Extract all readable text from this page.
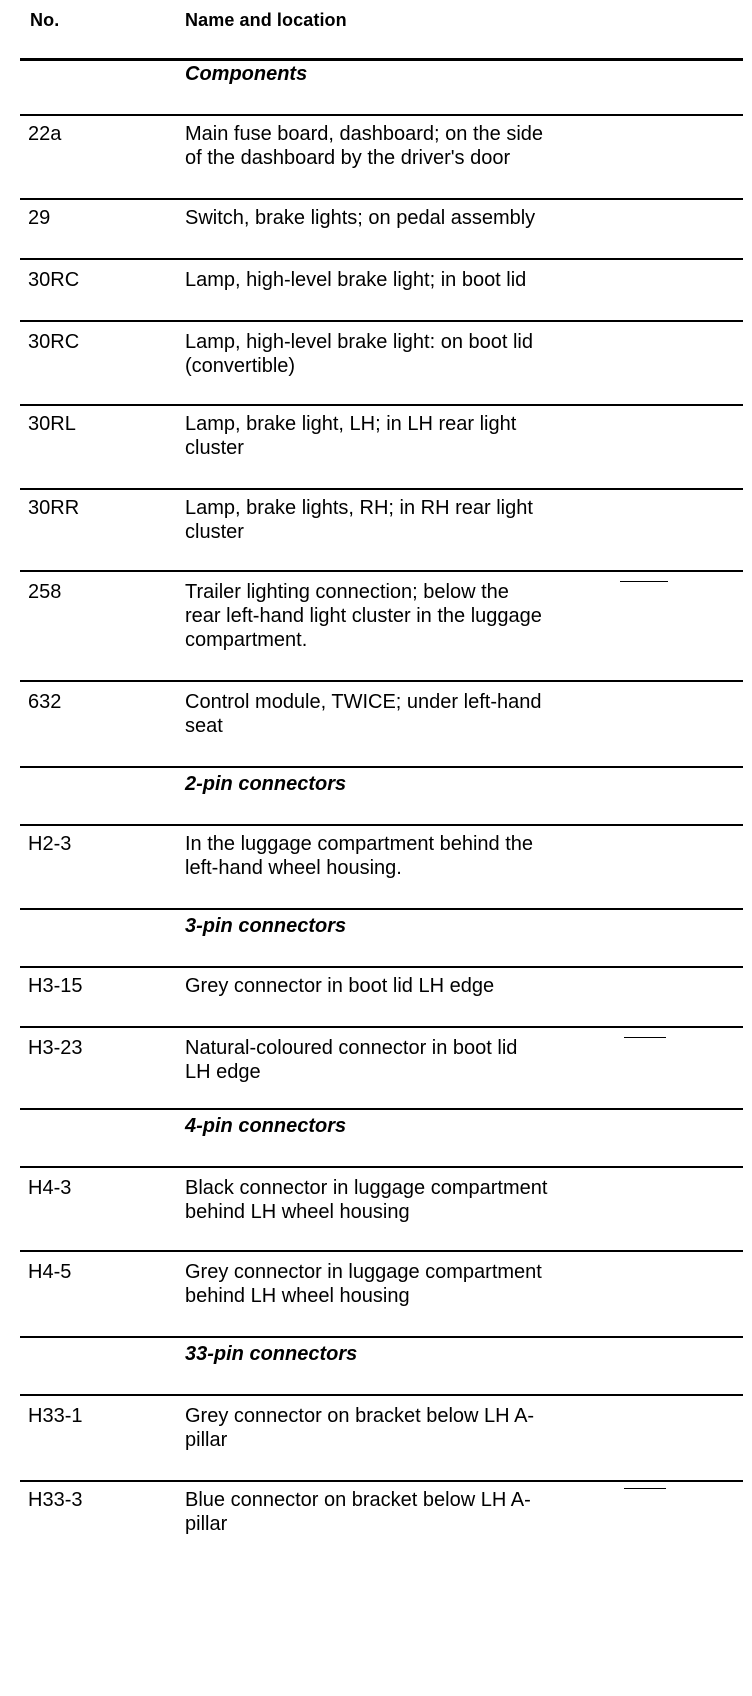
No.	Name and location
Components
22a	Main fuse board, dashboard; on the side
of the dashboard by the driver's door
29	Switch, brake lights; on pedal assembly
30RC	Lamp, high-level brake light; in boot lid
30RC	Lamp, high-level brake light: on boot lid
(convertible)
30RL	Lamp, brake light, LH; in LH rear light
cluster
30RR	Lamp, brake lights, RH; in RH rear light
cluster
258	Trailer lighting connection; below the
rear left-hand light cluster in the luggage
compartment.
632	Control module, TWICE; under left-hand
seat
2-pin connectors
H2-3	In the luggage compartment behind the
left-hand wheel housing.
3-pin connectors
H3-15	Grey connector in boot lid LH edge
H3-23	Natural-coloured connector in boot lid
LH edge
4-pin connectors
H4-3	Black connector in luggage compartment
behind LH wheel housing
H4-5	Grey connector in luggage compartment
behind LH wheel housing
33-pin connectors
H33-1	Grey connector on bracket below LH A-
pillar
H33-3	Blue connector on bracket below LH A-
pillar
